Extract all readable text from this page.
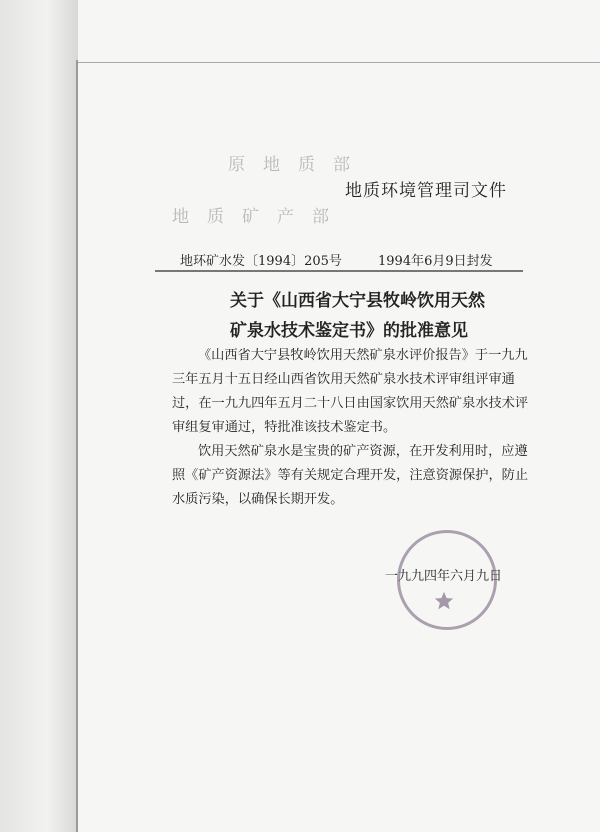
原地质部
地质矿产部
地质环境管理司文件
地环矿水发〔1994〕205号	1994年6月9日封发
关于《山西省大宁县牧岭饮用天然
矿泉水技术鉴定书》的批准意见

《山西省大宁县牧岭饮用天然矿泉水评价报告》于一九九三年五月十五日经山西省饮用天然矿泉水技术评审组评审通过，在一九九四年五月二十八日由国家饮用天然矿泉水技术评审组复审通过，特批准该技术鉴定书。

饮用天然矿泉水是宝贵的矿产资源，在开发利用时，应遵照《矿产资源法》等有关规定合理开发，注意资源保护，防止水质污染，以确保长期开发。

一九九四年六月九日
